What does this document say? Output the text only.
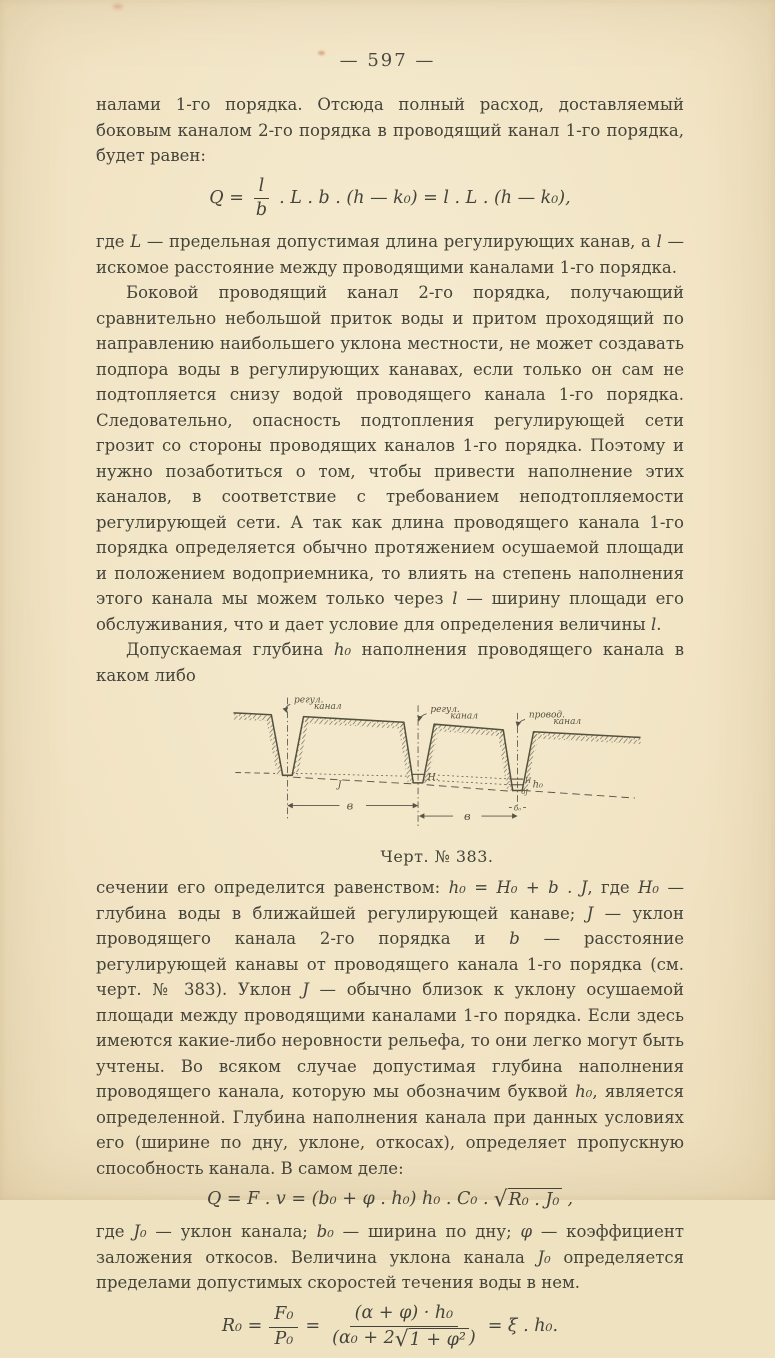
— 597 —

налами 1-го порядка. Отсюда полный расход, доставляемый боковым каналом 2-го порядка в проводящий канал 1-го порядка, будет равен:

$Q = \frac{l}{b}$ . L . b . (h — k₀) = l . L . (h — k₀),

где L — предельная допустимая длина регулирующих канав, а l — искомое расстояние между проводящими каналами 1-го порядка.

Боковой проводящий канал 2-го порядка, получающий сравнительно небольшой приток воды и притом проходящий по направлению наибольшего уклона местности, не может создавать подпора воды в регулирующих канавах, если только он сам не подтопляется снизу водой проводящего канала 1-го порядка. Следовательно, опасность подтопления регулирующей сети грозит со стороны проводящих каналов 1-го порядка. Поэтому и нужно позаботиться о том, чтобы привести наполнение этих каналов, в соответствие с требованием неподтопляемости регулирующей сети. А так как длина проводящего канала 1-го порядка определяется обычно протяжением осушаемой площади и положением водоприемника, то влиять на степень наполнения этого канала мы можем только через l — ширину площади его обслуживания, что и дает условие для определения величины l.

Допускаемая глубина h₀ наполнения проводящего канала в каком либо

в
в
б₀
J
H.	H h₀
бJ
регул.
канал	регул.
канал	провод.
канал
Черт. № 383.

сечении его определится равенством: h₀ = H₀ + b . J, где H₀ — глубина воды в ближайшей регулирующей канаве; J — уклон проводящего канала 2-го порядка и b — расстояние регулирующей канавы от проводящего канала 1-го порядка (см. черт. № 383). Уклон J — обычно близок к уклону осушаемой площади между проводящими каналами 1-го порядка. Если здесь имеются какие-либо неровности рельефа, то они легко могут быть учтены. Во всяком случае допустимая глубина наполнения проводящего канала, которую мы обозначим буквой h₀, является определенной. Глубина наполнения канала при данных условиях его (ширине по дну, уклоне, откосах), определяет пропускную способность канала. В самом деле:

Q = F . v = (b₀ + φ . h₀) h₀ . C₀ . √ R₀ . J₀ ,

где J₀ — уклон канала; b₀ — ширина по дну; φ — коэффициент заложения откосов. Величина уклона канала J₀ определяется пределами допустимых скоростей течения воды в нем.

$R_0 = \frac{\text{F₀}}{\text{P₀}}$ =
(α + φ) · h₀
(α₀ + 2 √ 1 + φ² )
= ξ . h₀.
